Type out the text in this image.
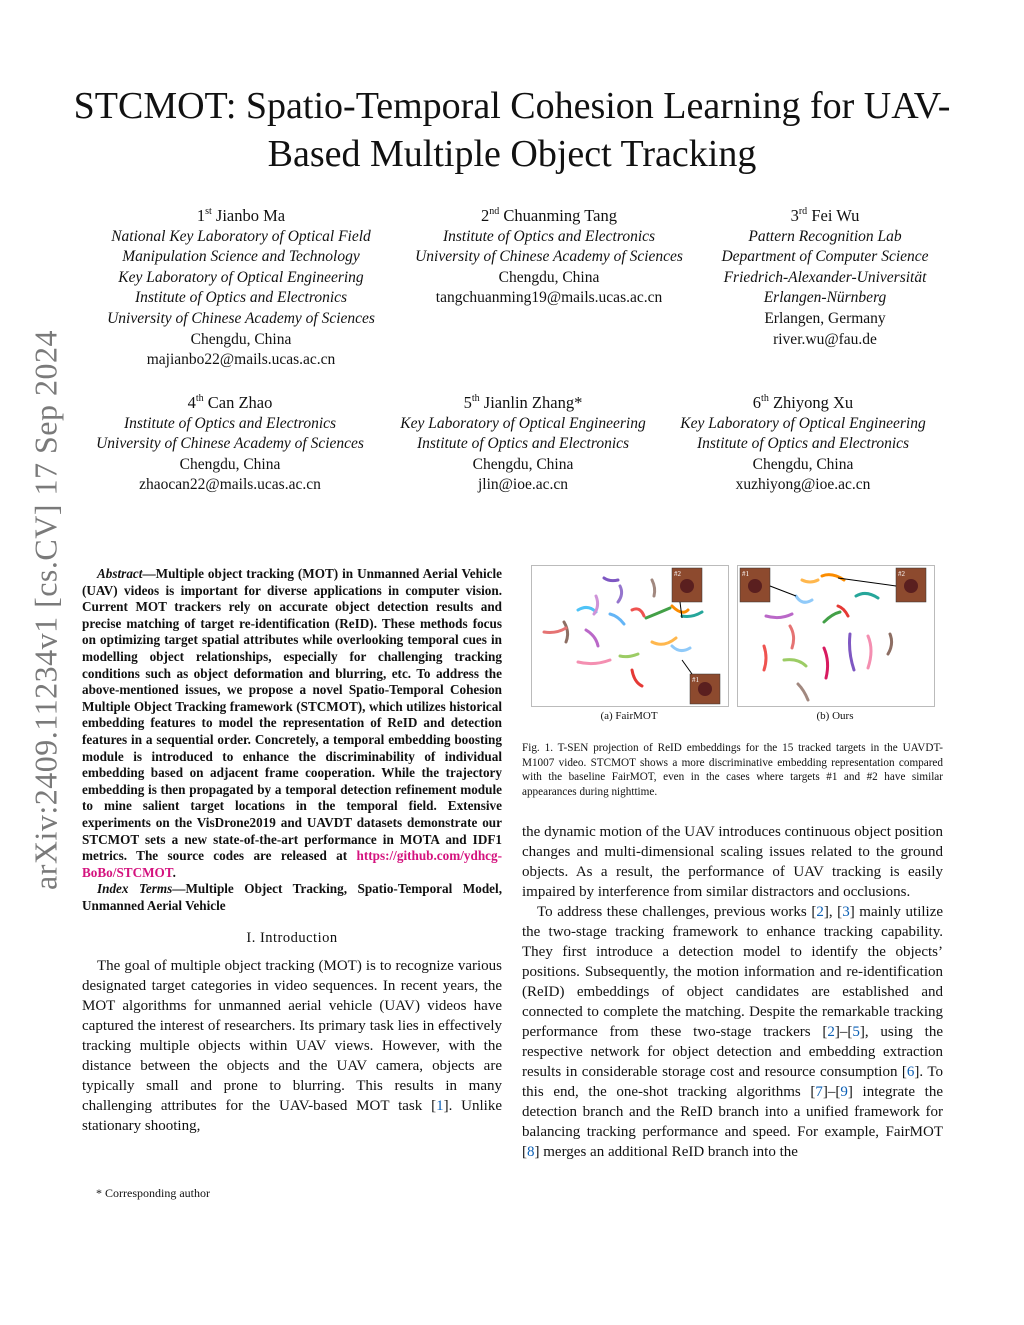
STCMOT: Spatio-Temporal Cohesion Learning for UAV-Based Multiple Object Tracking
arXiv:2409.11234v1 [cs.CV] 17 Sep 2024
1st Jianbo Ma
National Key Laboratory of Optical Field
Manipulation Science and Technology
Key Laboratory of Optical Engineering
Institute of Optics and Electronics
University of Chinese Academy of Sciences
Chengdu, China
majianbo22@mails.ucas.ac.cn
2nd Chuanming Tang
Institute of Optics and Electronics
University of Chinese Academy of Sciences
Chengdu, China
tangchuanming19@mails.ucas.ac.cn
3rd Fei Wu
Pattern Recognition Lab
Department of Computer Science
Friedrich-Alexander-Universität
Erlangen-Nürnberg
Erlangen, Germany
river.wu@fau.de
4th Can Zhao
Institute of Optics and Electronics
University of Chinese Academy of Sciences
Chengdu, China
zhaocan22@mails.ucas.ac.cn
5th Jianlin Zhang*
Key Laboratory of Optical Engineering
Institute of Optics and Electronics
Chengdu, China
jlin@ioe.ac.cn
6th Zhiyong Xu
Key Laboratory of Optical Engineering
Institute of Optics and Electronics
Chengdu, China
xuzhiyong@ioe.ac.cn
Abstract—Multiple object tracking (MOT) in Unmanned Aerial Vehicle (UAV) videos is important for diverse applications in computer vision. Current MOT trackers rely on accurate object detection results and precise matching of target re-identification (ReID). These methods focus on optimizing target spatial attributes while overlooking temporal cues in modelling object relationships, especially for challenging tracking conditions such as object deformation and blurring, etc. To address the above-mentioned issues, we propose a novel Spatio-Temporal Cohesion Multiple Object Tracking framework (STCMOT), which utilizes historical embedding features to model the representation of ReID and detection features in a sequential order. Concretely, a temporal embedding boosting module is introduced to enhance the discriminability of individual embedding based on adjacent frame cooperation. While the trajectory embedding is then propagated by a temporal detection refinement module to mine salient target locations in the temporal field. Extensive experiments on the VisDrone2019 and UAVDT datasets demonstrate our STCMOT sets a new state-of-the-art performance in MOTA and IDF1 metrics. The source codes are released at https://github.com/ydhcg-BoBo/STCMOT.
Index Terms—Multiple Object Tracking, Spatio-Temporal Model, Unmanned Aerial Vehicle
I. Introduction

The goal of multiple object tracking (MOT) is to recognize various designated target categories in video sequences. In recent years, the MOT algorithms for unmanned aerial vehicle (UAV) videos have captured the interest of researchers. Its primary task lies in effectively tracking multiple objects within UAV views. However, with the distance between the objects and the UAV camera, objects are typically small and prone to blurring. This results in many challenging attributes for the UAV-based MOT task [1]. Unlike stationary shooting,

* Corresponding author
#2
#1
#1	#2
(a) FairMOT	(b) Ours
Fig. 1. T-SEN projection of ReID embeddings for the 15 tracked targets in the UAVDT-M1007 video. STCMOT shows a more discriminative embedding representation compared with the baseline FairMOT, even in the cases where targets #1 and #2 have similar appearances during nighttime.

the dynamic motion of the UAV introduces continuous object position changes and multi-dimensional scaling issues related to the ground objects. As a result, the performance of UAV tracking is easily impaired by interference from similar distractors and occlusions.

To address these challenges, previous works [2], [3] mainly utilize the two-stage tracking framework to enhance tracking capability. They first introduce a detection model to identify the objects’ positions. Subsequently, the motion information and re-identification (ReID) embeddings of object candidates are established and connected to complete the matching. Despite the remarkable tracking performance from these two-stage trackers [2]–[5], using the respective network for object detection and embedding extraction results in considerable storage cost and resource consumption [6]. To this end, the one-shot tracking algorithms [7]–[9] integrate the detection branch and the ReID branch into a unified framework for balancing tracking performance and speed. For example, FairMOT [8] merges an additional ReID branch into the
